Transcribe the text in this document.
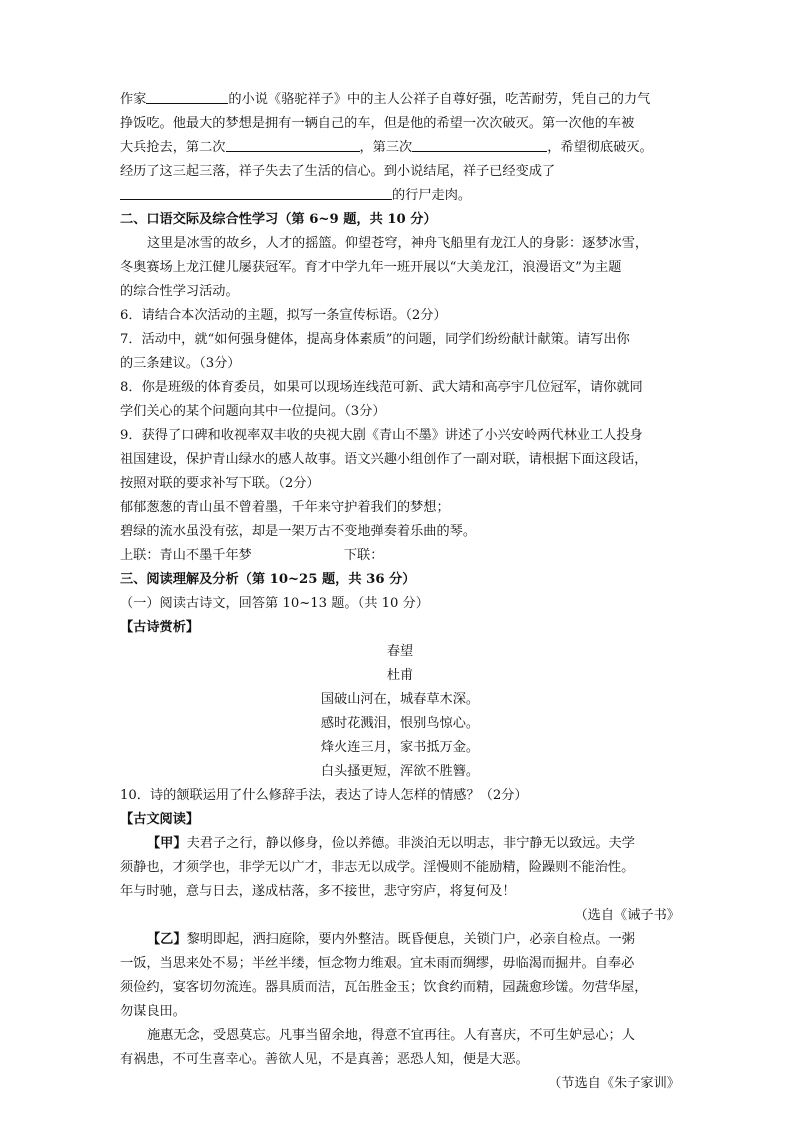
作家	的小说《骆驼祥子》中的主人公祥子自尊好强，吃苦耐劳，凭自己的力气
挣饭吃。他最大的梦想是拥有一辆自己的车，但是他的希望一次次破灭。第一次他的车被
大兵抢去，第二次	，第三次	，希望彻底破灭。
经历了这三起三落，祥子失去了生活的信心。到小说结尾，祥子已经变成了
的行尸走肉。
二、口语交际及综合性学习（第 6~9 题，共 10 分）
这里是冰雪的故乡，人才的摇篮。仰望苍穹，神舟飞船里有龙江人的身影：逐梦冰雪，
冬奥赛场上龙江健儿屡获冠军。育才中学九年一班开展以“大美龙江，浪漫语文”为主题
的综合性学习活动。
6．请结合本次活动的主题，拟写一条宣传标语。（2分）
7．活动中，就“如何强身健体，提高身体素质”的问题，同学们纷纷献计献策。请写出你
的三条建议。（3分）
8．你是班级的体育委员，如果可以现场连线范可新、武大靖和高亭宇几位冠军，请你就同
学们关心的某个问题向其中一位提问。（3分）
9．获得了口碑和收视率双丰收的央视大剧《青山不墨》讲述了小兴安岭两代林业工人投身
祖国建设，保护青山绿水的感人故事。语文兴趣小组创作了一副对联，请根据下面这段话，
按照对联的要求补写下联。（2分）
郁郁葱葱的青山虽不曾着墨，千年来守护着我们的梦想；
碧绿的流水虽没有弦，却是一架万古不变地弹奏着乐曲的琴。
上联：青山不墨千年梦	下联：
三、阅读理解及分析（第 10~25 题，共 36 分）
（一）阅读古诗文，回答第 10~13 题。（共 10 分）
【古诗赏析】
春望
杜甫
国破山河在，城春草木深。
感时花溅泪，恨别鸟惊心。
烽火连三月，家书抵万金。
白头搔更短，浑欲不胜簪。
10．诗的颔联运用了什么修辞手法，表达了诗人怎样的情感？（2分）
【古文阅读】
【甲】夫君子之行，静以修身，俭以养德。非淡泊无以明志，非宁静无以致远。夫学
须静也，才须学也，非学无以广才，非志无以成学。淫慢则不能励精，险躁则不能治性。
年与时驰，意与日去，遂成枯落，多不接世，悲守穷庐，将复何及！
（选自《诫子书》
【乙】黎明即起，洒扫庭除，要内外整洁。既昏便息，关锁门户，必亲自检点。一粥
一饭，当思来处不易；半丝半缕，恒念物力维艰。宜未雨而绸缪，毋临渴而掘井。自奉必
须俭约，宴客切勿流连。器具质而洁，瓦缶胜金玉；饮食约而精，园蔬愈珍馐。勿营华屋，
勿谋良田。
施惠无念，受恩莫忘。凡事当留余地，得意不宜再往。人有喜庆，不可生妒忌心；人
有祸患，不可生喜幸心。善欲人见，不是真善；恶恐人知，便是大恶。
（节选自《朱子家训》
